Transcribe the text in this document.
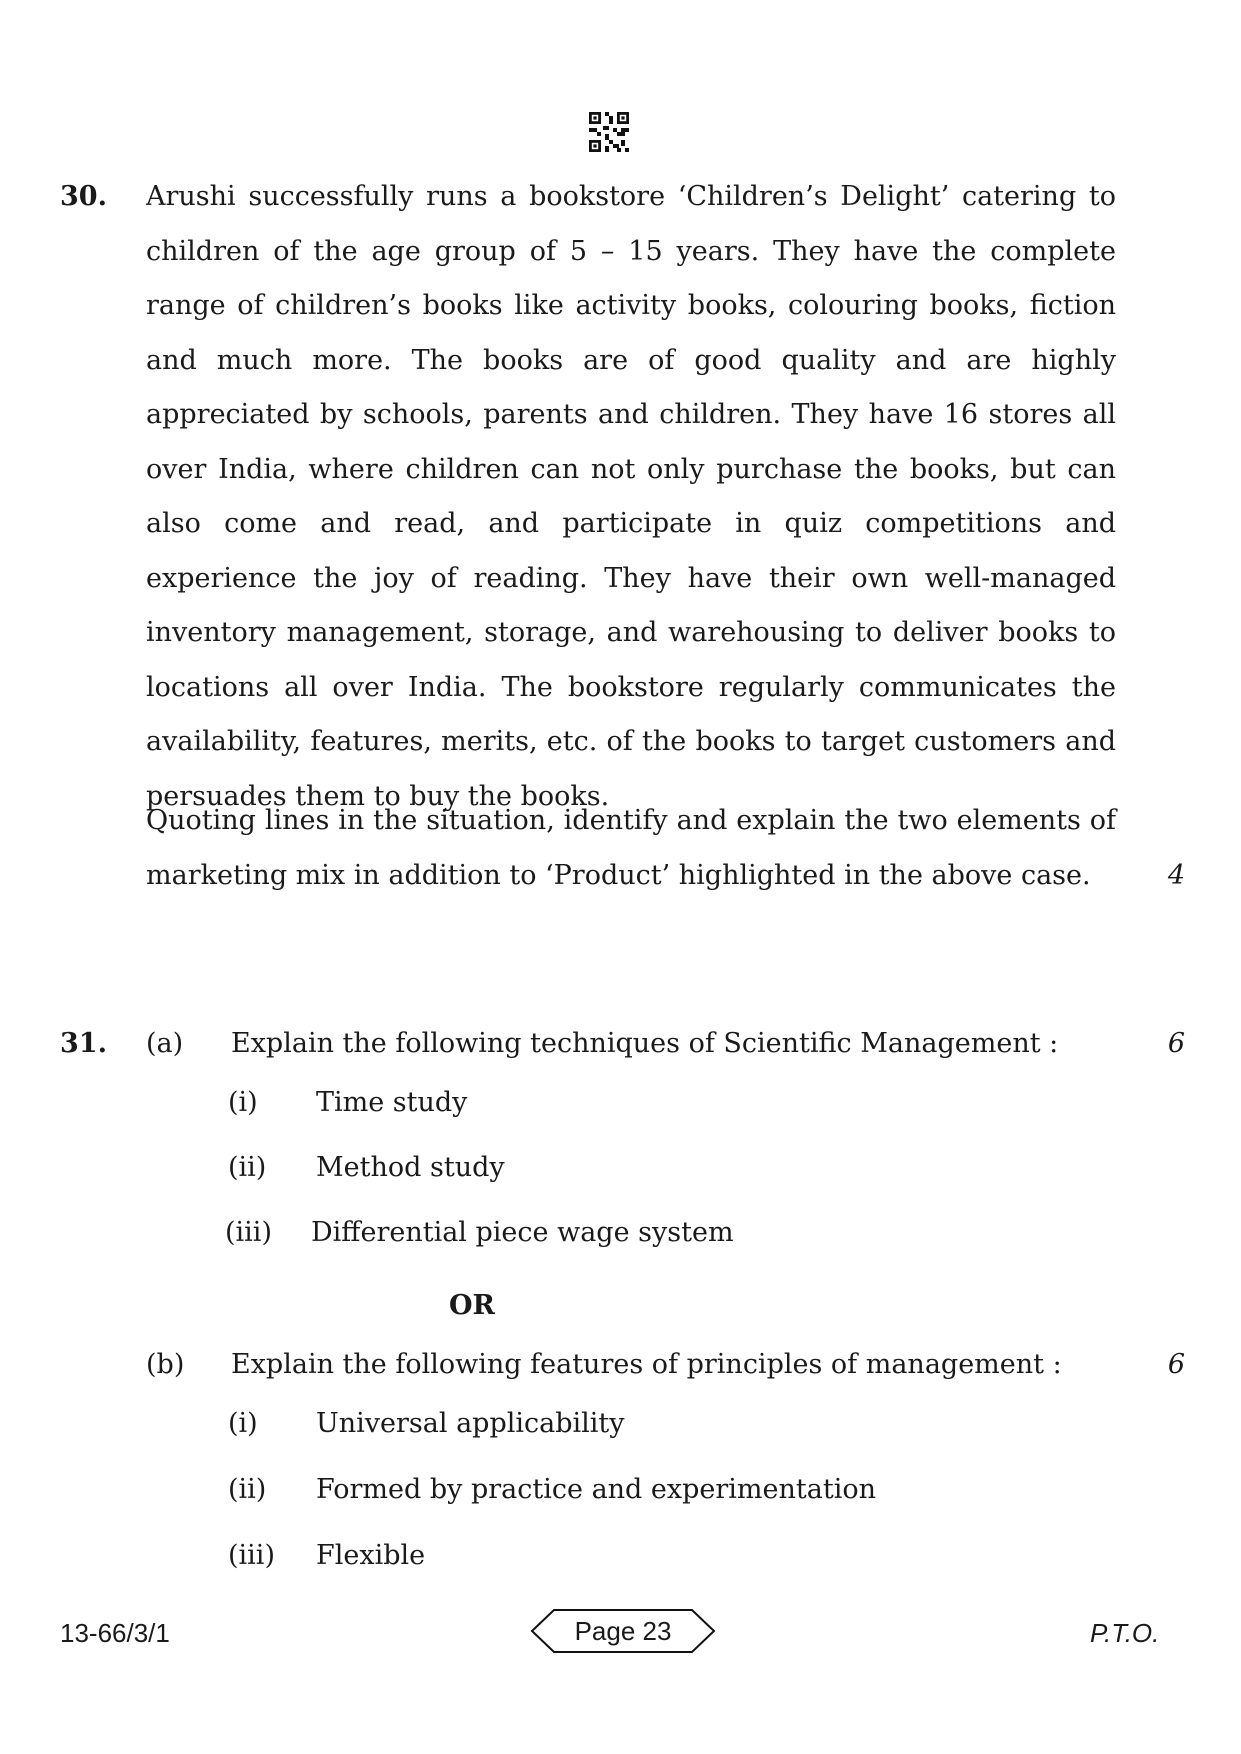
30. Arushi successfully runs a bookstore ‘Children’s Delight’ catering to children of the age group of 5 – 15 years. They have the complete range of children’s books like activity books, colouring books, fiction and much more. The books are of good quality and are highly appreciated by schools, parents and children. They have 16 stores all over India, where children can not only purchase the books, but can also come and read, and participate in quiz competitions and experience the joy of reading. They have their own well-managed inventory management, storage, and warehousing to deliver books to locations all over India. The bookstore regularly communicates the availability, features, merits, etc. of the books to target customers and persuades them to buy the books.
Quoting lines in the situation, identify and explain the two elements of marketing mix in addition to ‘Product’ highlighted in the above case.	4
31. (a) Explain the following techniques of Scientific Management :	6
(i)	Time study
(ii)	Method study
(iii)	Differential piece wage system
OR
(b) Explain the following features of principles of management :	6
(i)	Universal applicability
(ii)	Formed by practice and experimentation
(iii)	Flexible
13-66/3/1	Page 23	P.T.O.
